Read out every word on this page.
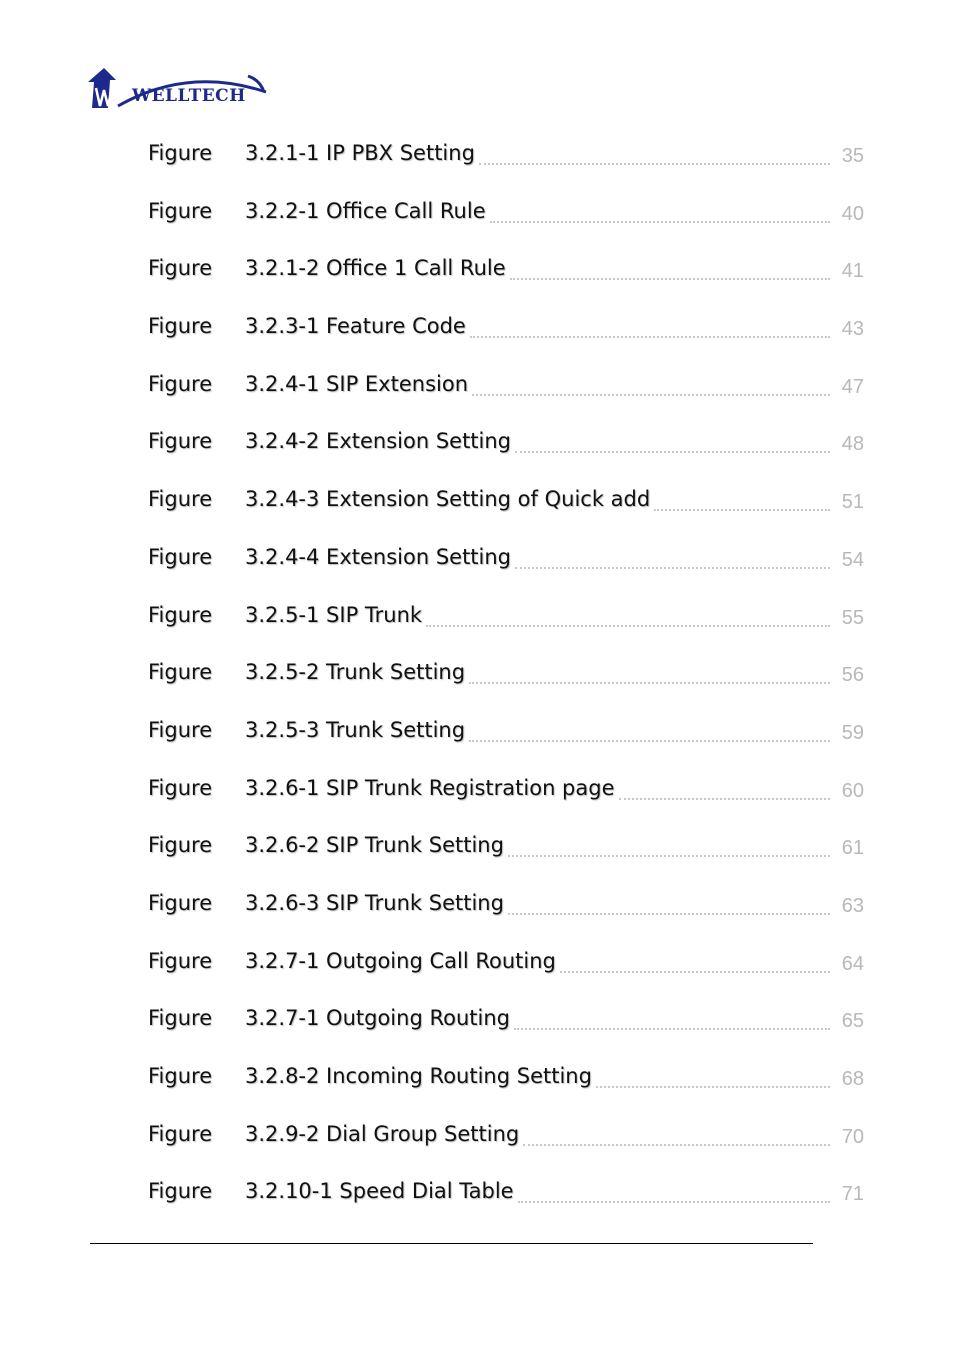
WELLTECH
Figure 3.2.1-1 IP PBX Setting	35
Figure 3.2.2-1 Office Call Rule	40
Figure 3.2.1-2 Office 1 Call Rule	41
Figure 3.2.3-1 Feature Code	43
Figure 3.2.4-1 SIP Extension	47
Figure 3.2.4-2 Extension Setting	48
Figure 3.2.4-3 Extension Setting of Quick add	51
Figure 3.2.4-4 Extension Setting	54
Figure 3.2.5-1 SIP Trunk	55
Figure 3.2.5-2 Trunk Setting	56
Figure 3.2.5-3 Trunk Setting	59
Figure 3.2.6-1 SIP Trunk Registration page	60
Figure 3.2.6-2 SIP Trunk Setting	61
Figure 3.2.6-3 SIP Trunk Setting	63
Figure 3.2.7-1 Outgoing Call Routing	64
Figure 3.2.7-1 Outgoing Routing	65
Figure 3.2.8-2 Incoming Routing Setting	68
Figure 3.2.9-2 Dial Group Setting	70
Figure 3.2.10-1 Speed Dial Table	71
